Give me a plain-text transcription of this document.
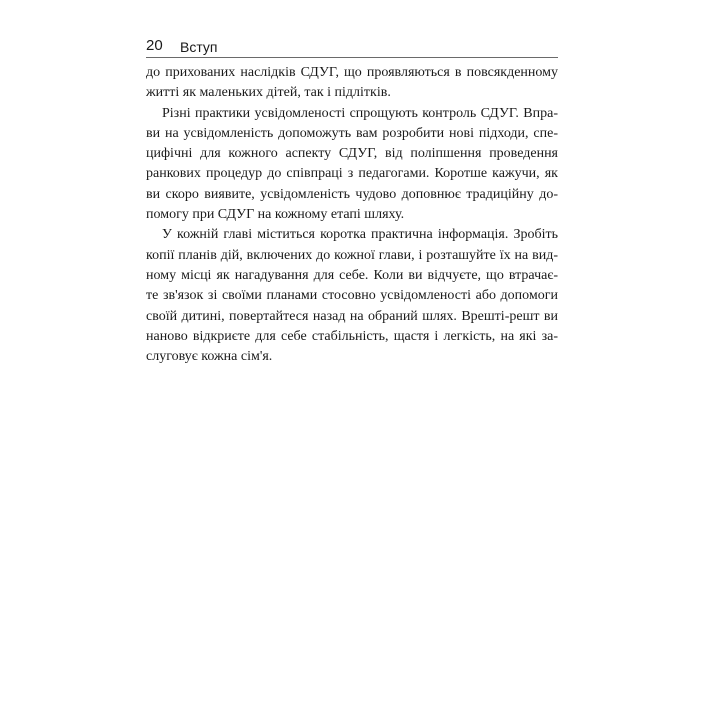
20 Вступ

до прихованих наслідків СДУГ, що проявляються в повсякденному
житті як маленьких дітей, так і підлітків.

Різні практики усвідомленості спрощують контроль СДУГ. Впра-
ви на усвідомленість допоможуть вам розробити нові підходи, спе-
цифічні для кожного аспекту СДУГ, від поліпшення проведення
ранкових процедур до співпраці з педагогами. Коротше кажучи, як
ви скоро виявите, усвідомленість чудово доповнює традиційну до-
помогу при СДУГ на кожному етапі шляху.

У кожній главі міститься коротка практична інформація. Зробіть
копії планів дій, включених до кожної глави, і розташуйте їх на вид-
ному місці як нагадування для себе. Коли ви відчуєте, що втрачає-
те зв'язок зі своїми планами стосовно усвідомленості або допомоги
своїй дитині, повертайтеся назад на обраний шлях. Врешті-решт ви
наново відкриєте для себе стабільність, щастя і легкість, на які за-
слуговує кожна сім'я.
